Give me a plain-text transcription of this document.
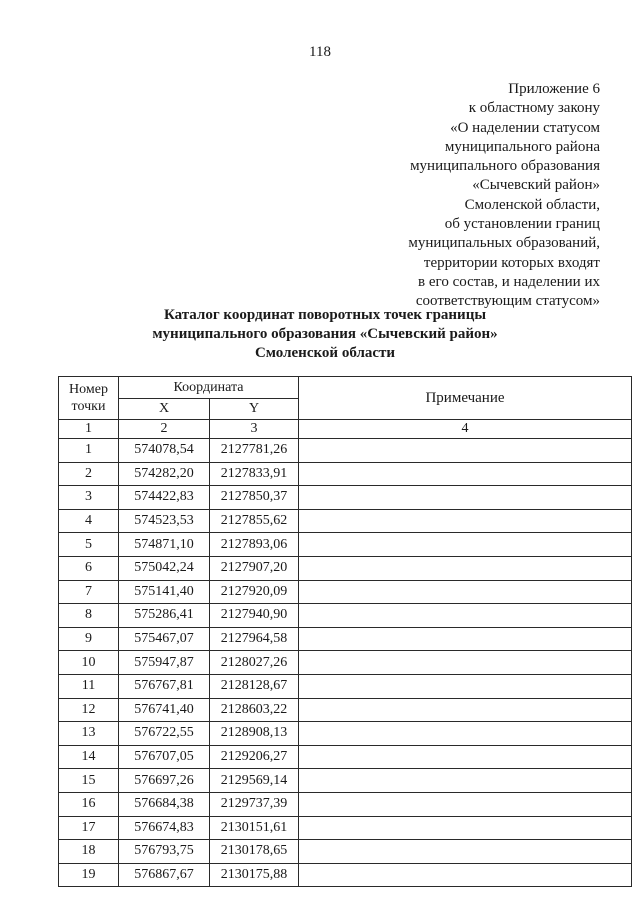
118
Приложение 6
к областному закону
«О наделении статусом
муниципального района
муниципального образования
«Сычевский район»
Смоленской области,
об установлении границ
муниципальных образований,
территории которых входят
в его состав, и наделении их
соответствующим статусом»
Каталог координат поворотных точек границы
муниципального образования «Сычевский район»
Смоленской области
Номер
точки	Координата		Примечание
	X	Y	
1	2	3	4
1	574078,54	2127781,26	
2	574282,20	2127833,91	
3	574422,83	2127850,37	
4	574523,53	2127855,62	
5	574871,10	2127893,06	
6	575042,24	2127907,20	
7	575141,40	2127920,09	
8	575286,41	2127940,90	
9	575467,07	2127964,58	
10	575947,87	2128027,26	
11	576767,81	2128128,67	
12	576741,40	2128603,22	
13	576722,55	2128908,13	
14	576707,05	2129206,27	
15	576697,26	2129569,14	
16	576684,38	2129737,39	
17	576674,83	2130151,61	
18	576793,75	2130178,65	
19	576867,67	2130175,88	
